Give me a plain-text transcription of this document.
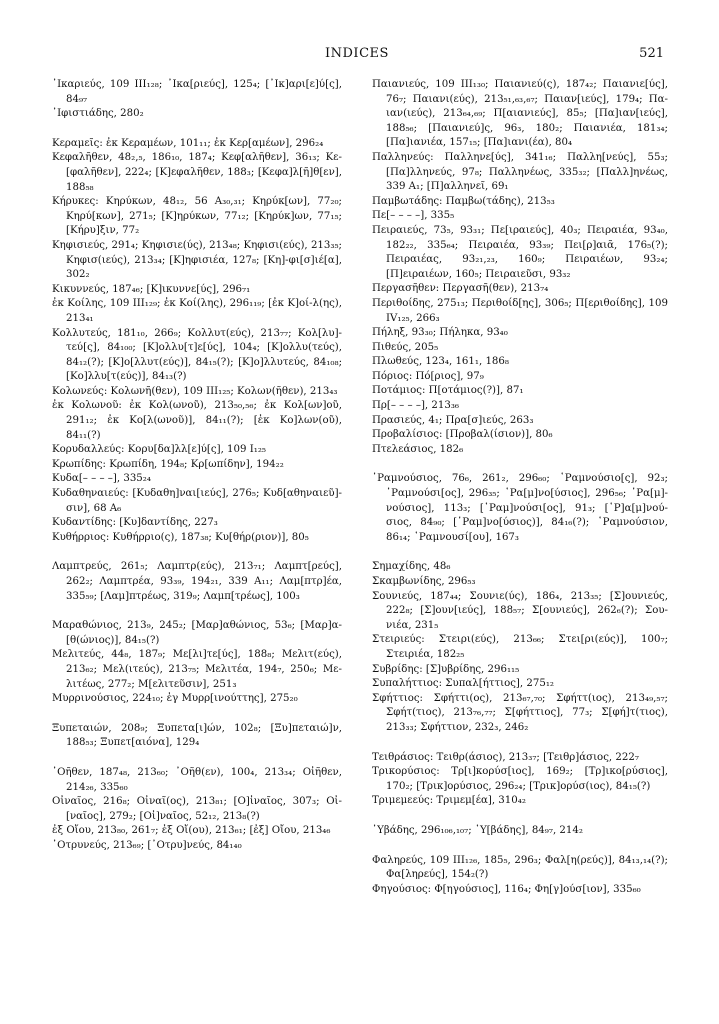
INDICES	521

᾿Ικαριεύς, 109 III₁₂₈; ᾿Ικα[ριεύς], 125₄; [᾿Ικ]αρι[ε]ύ[ς], 84₉₇

᾿Ιφιστιάδης, 280₂

Κεραμεῖς: ἐκ Κεραμέων, 101₁₁; ἐκ Κερ[αμέων], 296₂₄

Κεφαλῆθεν, 48₂,₅, 186₁₀, 187₄; Κεφ[αλῆθεν], 36₁₃; Κε-[φαλῆθεν], 222₄; [Κ]εφαλῆθεν, 188₃; [Κεφα]λ[ῆ]θ[εν], 188₅₈

Κήρυκες: Κηρύκων, 48₁₂, 56 A₃₀,₃₁; Κηρύκ[ων], 77₂₀; Κηρύ[κων], 271₅; [Κ]ηρύκων, 77₁₂; [Κηρύκ]ων, 77₁₅; [Κήρυ]ξιν, 77₂

Κηφισιεύς, 291₄; Κηφισιε(ύς), 213₄₈; Κηφισι(εύς), 213₃₅; Κηφισ(ιεύς), 213₃₄; [Κ]ηφισιέα, 127₈; [Κη]-φι[σ]ιέ[α], 302₂

Κικυννεύς, 187₄₆; [Κ]ικυννε[ύς], 296₇₁

ἐκ Κοίλης, 109 III₁₂₉; ἐκ Κοί(λης), 296₁₁₉; [ἐκ Κ]οί-λ(ης), 213₄₁

Κολλυτεύς, 181₁₀, 266₉; Κολλυτ(εύς), 213₇₇; Κολ[λυ]-τεύ[ς], 84₁₀₀; [Κ]ολλυ[τ]ε[ύς], 104₄; [Κ]ολλυ(τεύς), 84₁₂(?); [Κ]ο[λλυτ(εύς)], 84₁₅(?); [Κ]ο]λλυτεύς, 84₁₀₈; [Κο]λλυ[τ(εύς)], 84₁₃(?)

Κολωνεύς: Κολωνῆ(θεν), 109 III₁₂₅; Κολων(ῆθεν), 213₄₃

ἐκ Κολωνοῦ: ἐκ Κολ(ωνοῦ), 213₅₀,₅₆; ἐκ Κολ[ων]οῦ, 291₁₂; ἐκ Κο[λ(ωνοῦ)], 84₁₁(?); [ἐκ Κο]λων(οῦ), 84₁₁(?)

Κορυδαλλεύς: Κορυ[δα]λλ[ε]ύ[ς], 109 I₁₂₅

Κρωπίδης: Κρωπίδη, 194₈; Κρ[ωπίδην], 194₂₂

Κυδα[– – – –], 335₂₄

Κυδαθηναιεύς: [Κυδαθη]ναι[ιεύς], 276₅; Κυδ[αθηναιεῦ]-σιν], 68 A₆

Κυδαντίδης: [Κυ]δαντίδης, 227₃

Κυθήρριος: Κυθήρριο(ς), 187₃₈; Κυ[θήρ(ριον)], 80₅

Λαμπτρεύς, 261₅; Λαμπτρ(εύς), 213₇₁; Λαμπτ[ρεύς], 262₂; Λαμπτρέα, 93₃₉, 194₂₁, 339 A₁₁; Λαμ[πτρ]έα, 335₅₉; [Λαμ]πτρέως, 319₉; Λαμπ[τρέως], 100₃

Μαραθώνιος, 213₉, 245₂; [Μαρ]αθώνιος, 53₆; [Μαρ]α-[θ(ώνιος)], 84₁₅(?)

Μελιτεύς, 44₈, 187₉; Με[λι]τε[ύς], 188₈; Μελιτ(εύς), 213₆₂; Μελ(ιτεύς), 213₇₅; Μελιτέα, 194₇, 250₆; Με-λιτέως, 277₂; Μ[ελιτεῦσιν], 251₃

Μυρρινούσιος, 224₁₀; ἐγ Μυρρ[ινούττης], 275₂₀

Ξυπεταιών, 208₉; Ξυπετα[ι]ών, 102₈; [Ξυ]πεταιώ]ν, 188₅₃; Ξυπετ[αιόνα], 129₄

᾿Οῆθεν, 187₄₈, 213₆₀; ᾿Οῆθ(εν), 100₄, 213₃₄; Οἰῆθεν, 214₂₆, 335₆₀

Οἰναῖος, 216₈; Οἰναῖ(ος), 213₈₁; [Ο]ἰναῖος, 307₃; Οἰ-[ναῖος], 279₂; [Οἰ]ναῖος, 52₁₂, 213₈(?)

ἐξ Οἴου, 213₈₀, 261₇; ἐξ Οἴ(ου), 213₆₁; [ἐξ] Οἴου, 213₄₆

᾿Οτρυνεύς, 213₆₉; [᾿Οτρυ]νεύς, 84₁₄₀

Παιανιεύς, 109 III₁₃₀; Παιανιεύ(ς), 187₄₂; Παιανιε[ύς], 76₇; Παιανι(εύς), 213₅₁,₆₃,₆₇; Παιαν[ιεύς], 179₄; Πα-ιαν(ιεύς), 213₆₄,₆₉; Π[αιανιεύς], 85₅; [Πα]ιαν[ιεύς], 188₅₆; [Παιανιεύ]ς, 96₃, 180₂; Παιανιέα, 181₃₄; [Πα]ιανιέα, 157₁₅; [Πα]ιανι(έα), 80₄

Παλληνεύς: Παλληνε[ύς], 341₁₆; Παλλη[νεύς], 55₃; [Πα]λληνεύς, 97₈; Παλληνέως, 335₃₂; [Παλλ]ηνέως, 339 A₁; [Π]αλληνεῖ, 69₁

Παμβωτάδης: Παμβω(τάδης), 213₅₃

Πε[– – – –], 335₅

Πειραιεύς, 73₅, 93₃₁; Πε[ιραιεύς], 40₃; Πειραιέα, 93₄₀, 182₂₂, 335₆₄; Πειραιέα, 93₃₉; Πει[ρ]αιᾶ, 176₅(?); Πειραιέας, 93₂₁,₂₃, 160₉; Πειραιέων, 93₂₄; [Π]ειραιέων, 160₅; Πειραιεῦσι, 93₃₂

Περγασῆθεν: Περγασῆ(θεν), 213₇₄

Περιθοίδης, 275₁₃; Περιθοίδ[ης], 306₅; Π[εριθοίδης], 109 IV₁₂₅, 266₃

Πήληξ, 93₃₀; Πήληκα, 93₄₀

Πιθεύς, 205₅

Πλωθεύς, 123₄, 161₁, 186₈

Πόριος: Πό[ριος], 97₉

Ποτάμιος: Π[οτάμιος(?)], 87₁

Πρ[– – – –], 213₃₆

Πρασιεύς, 4₁; Πρα[σ]ιεύς, 263₃

Προβαλίσιος: [Προβαλ(ίσιον)], 80₆

Πτελεάσιος, 182₆

῾Ραμνούσιος, 76₆, 261₂, 296₆₀; ῾Ραμνούσιο[ς], 92₃; ῾Ραμνούσι[ος], 296₃₅; ῾Ρα[μ]νο[ύσιος], 296₅₆; ῾Ρα[μ]-νούσιος], 113₃; [῾Ραμ]νούσι[ος], 91₃; [῾Ρ]α[μ]νού-σιος, 84₉₀; [῾Ραμ]νο[ύσιος)], 84₁₆(?); ῾Ραμνούσιον, 86₁₄; ῾Ραμνουσί[ου], 167₃

Σημαχίδης, 48₆

Σκαμβωνίδης, 296₅₃

Σουνιεύς, 187₄₄; Σουνιε(ύς), 186₄, 213₃₅; [Σ]ουνιεύς, 222₈; [Σ]ουν[ιεύς], 188₅₇; Σ[ουνιεύς], 262₆(?); Σου-νιέα, 231₅

Στειριεύς: Στειρι(εύς), 213₆₆; Στει[ρι(εύς)], 100₇; Στειριέα, 182₂₅

Συβρίδης: [Σ]υβρίδης, 296₁₁₅

Συπαλήττιος: Συπαλ[ήττιος], 275₁₂

Σφήττιος: Σφήττι(ος), 213₆₇,₇₀; Σφήττ(ιος), 213₄₉,₅₇; Σφήτ(τιος), 213₇₆,₇₇; Σ[φήττιος], 77₃; Σ[φή]τ(τιος), 213₃₃; Σφήττιον, 232₃, 246₂

Τειθράσιος: Τειθρ(άσιος), 213₃₇; [Τειθρ]άσιος, 222₇

Τρικορύσιος: Τρ[ι]κορύσ[ιος], 169₂; [Τρ]ικο[ρύσιος], 170₂; [Τρικ]ορύσιος, 296₂₄; [Τρικ]ορύσ(ιος), 84₁₅(?)

Τριμεμεεύς: Τριμεμ[έα], 310₄₂

῾Υβάδης, 296₁₀₆,₁₀₇; ῾Υ[βάδης], 84₉₇, 214₂

Φαληρεύς, 109 III₁₂₆, 185₅, 296₃; Φαλ[η(ρεύς)], 84₁₃,₁₄(?); Φα[ληρεύς], 154₂(?)

Φηγούσιος: Φ[ηγούσιος], 116₄; Φη[γ]ούσ[ιον], 335₆₀
